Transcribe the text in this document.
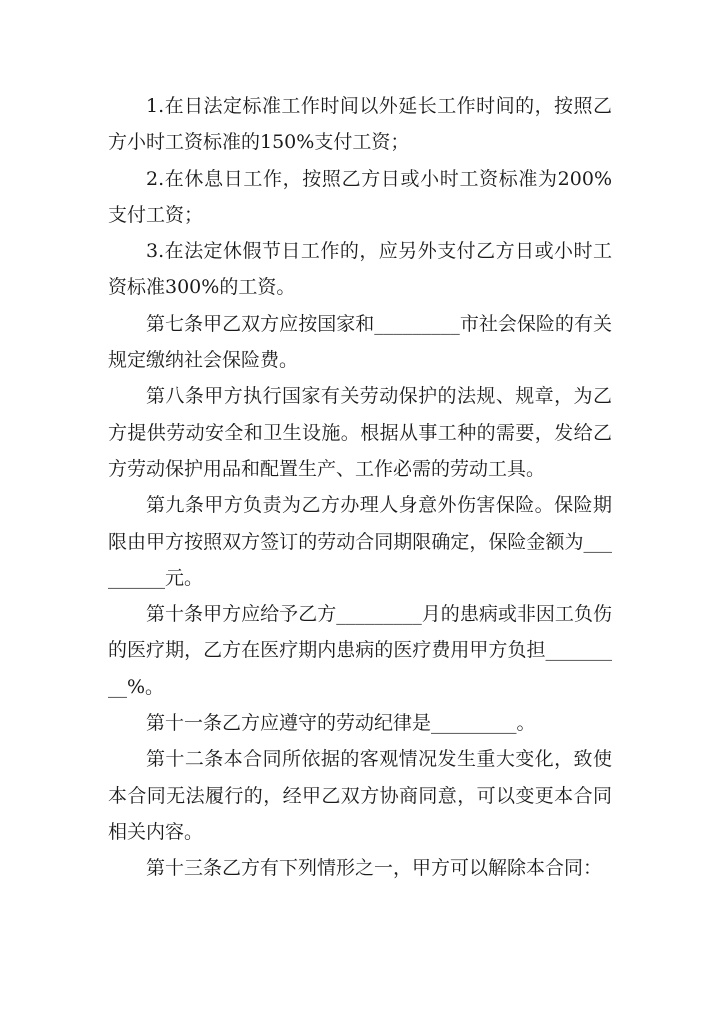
1.在日法定标准工作时间以外延长工作时间的，按照乙方小时工资标准的150%支付工资；

2.在休息日工作，按照乙方日或小时工资标准为200%支付工资；

3.在法定休假节日工作的，应另外支付乙方日或小时工资标准300%的工资。

第七条甲乙双方应按国家和_________市社会保险的有关规定缴纳社会保险费。

第八条甲方执行国家有关劳动保护的法规、规章，为乙方提供劳动安全和卫生设施。根据从事工种的需要，发给乙方劳动保护用品和配置生产、工作必需的劳动工具。

第九条甲方负责为乙方办理人身意外伤害保险。保险期限由甲方按照双方签订的劳动合同期限确定，保险金额为_________元。

第十条甲方应给予乙方_________月的患病或非因工负伤的医疗期，乙方在医疗期内患病的医疗费用甲方负担_________%。

第十一条乙方应遵守的劳动纪律是_________。

第十二条本合同所依据的客观情况发生重大变化，致使本合同无法履行的，经甲乙双方协商同意，可以变更本合同相关内容。

第十三条乙方有下列情形之一，甲方可以解除本合同：
